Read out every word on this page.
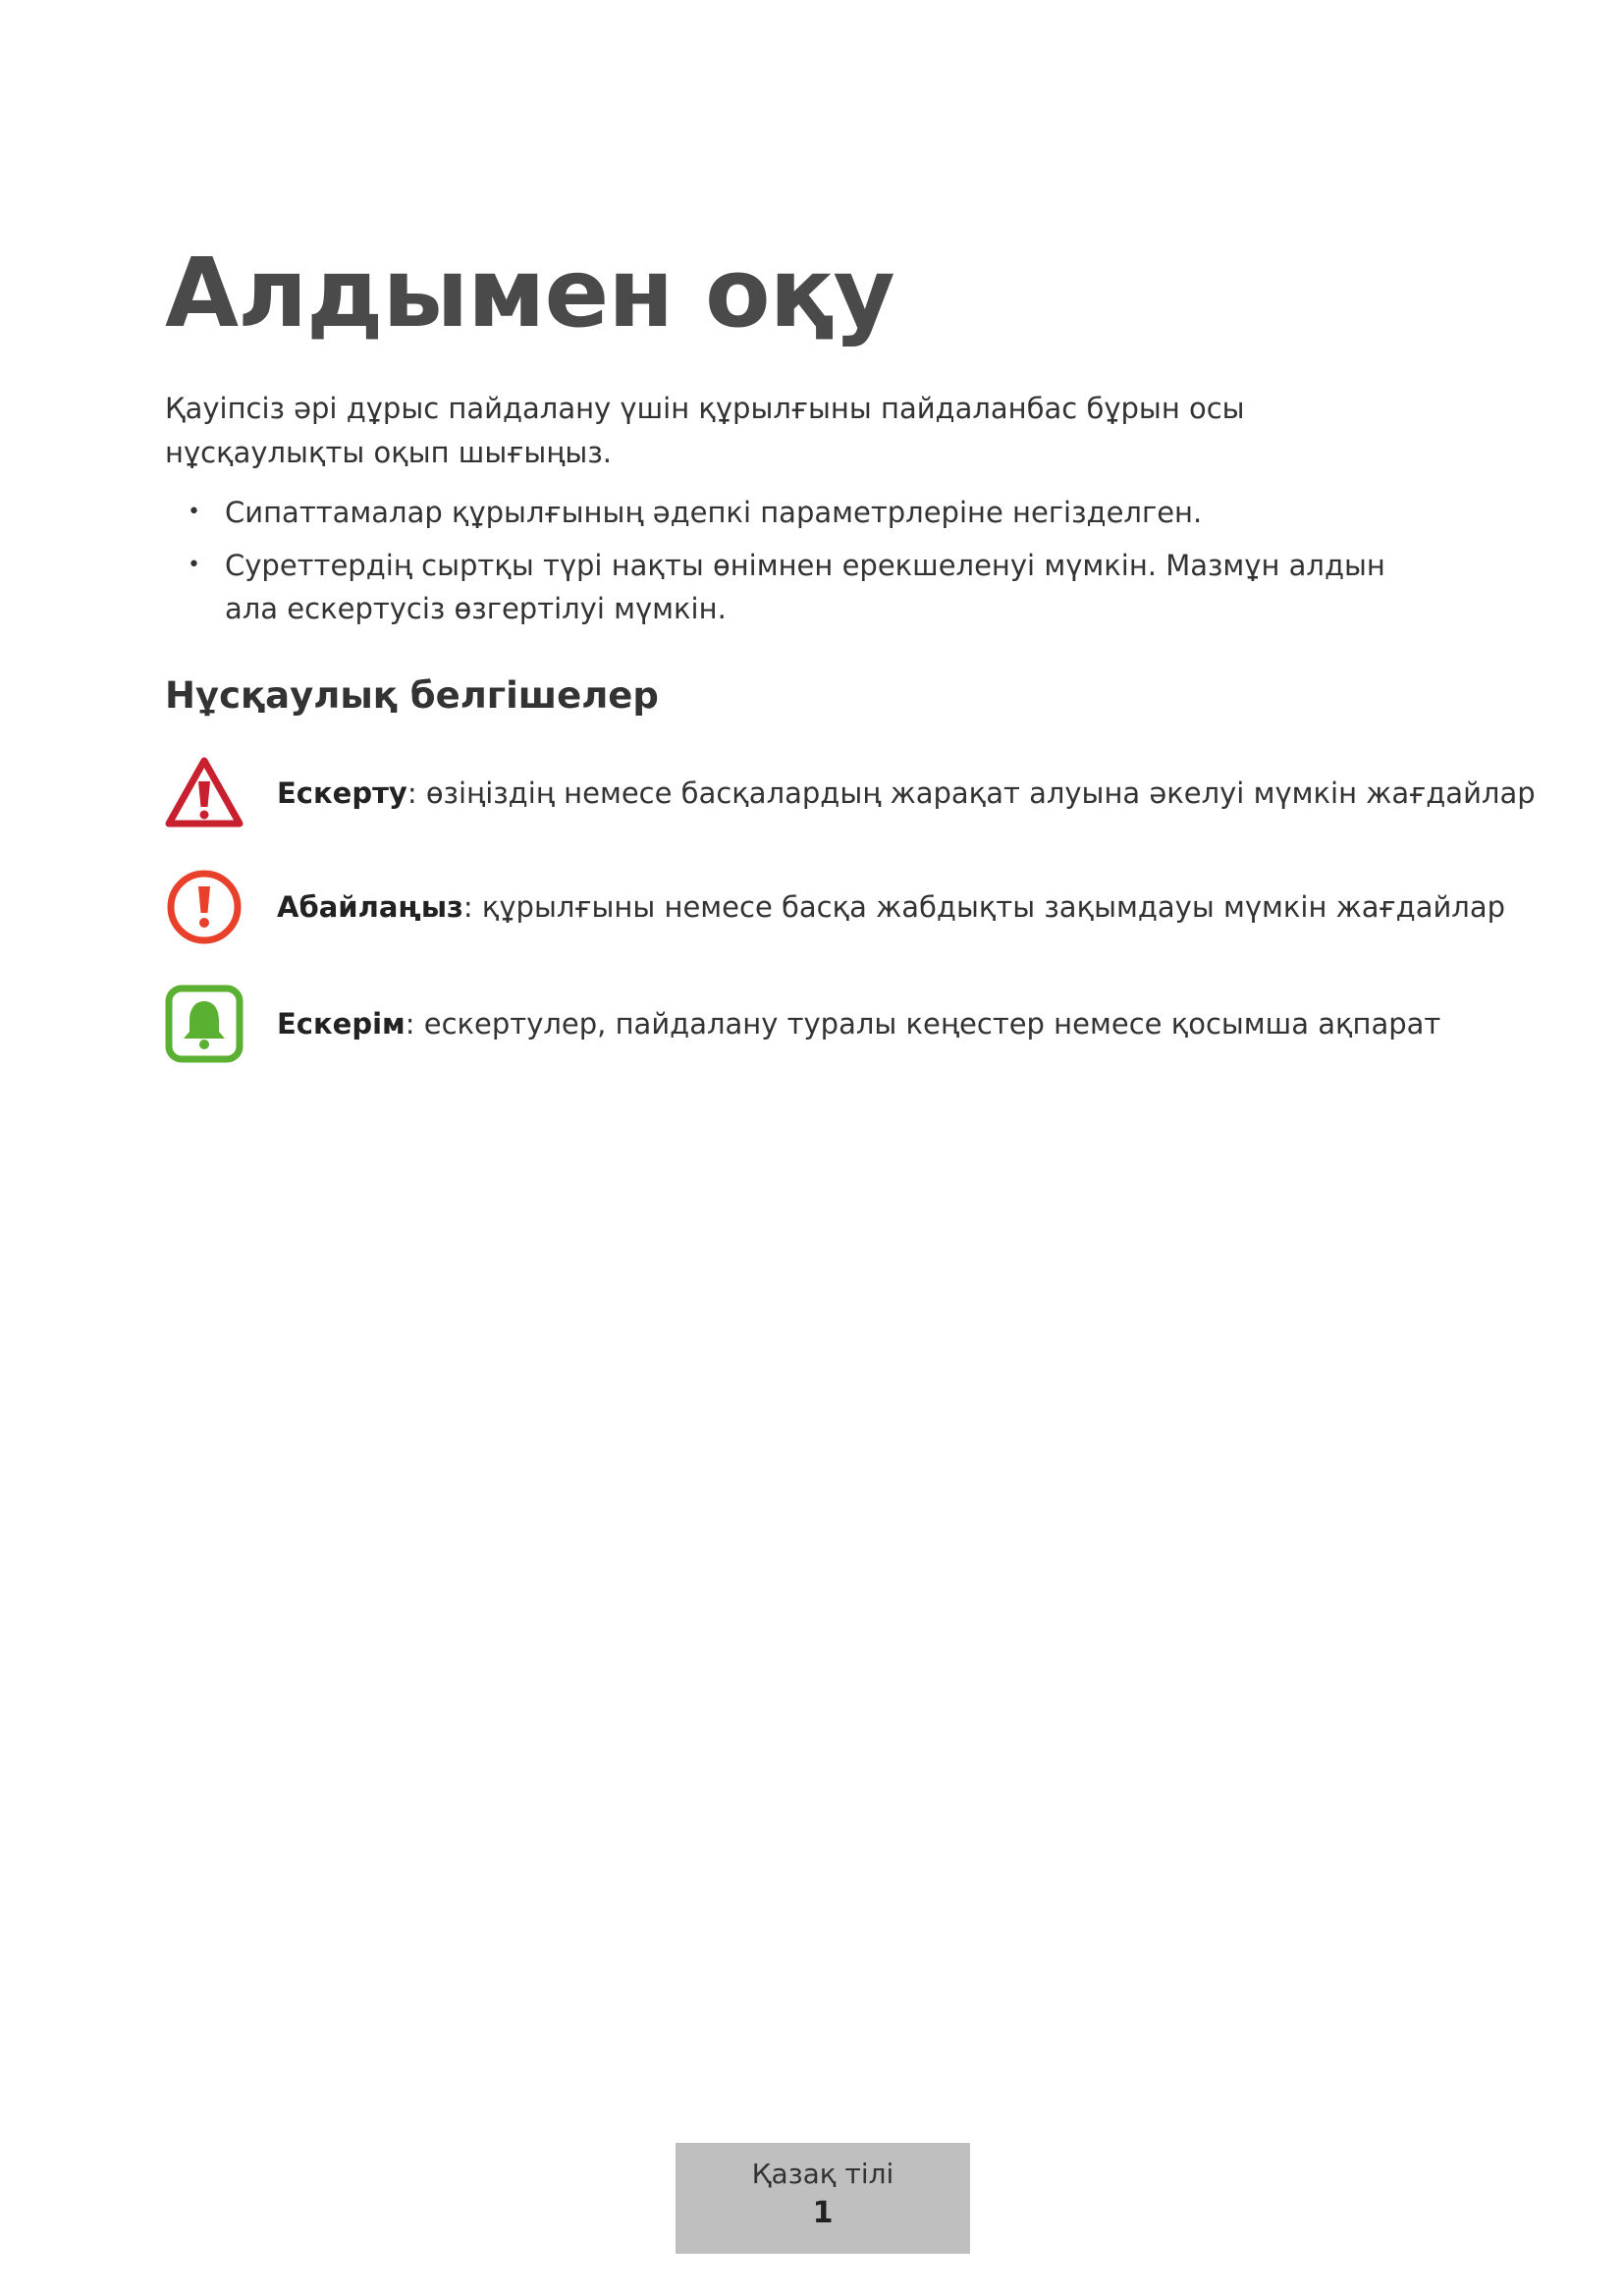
Алдымен оқу

Қауіпсіз әрі дұрыс пайдалану үшін құрылғыны пайдаланбас бұрын осы нұсқаулықты оқып шығыңыз.

• Сипаттамалар құрылғының әдепкі параметрлеріне негізделген.
• Суреттердің сыртқы түрі нақты өнімнен ерекшеленуі мүмкін. Мазмұн алдын ала ескертусіз өзгертілуі мүмкін.
Нұсқаулық белгішелер
Ескерту: өзіңіздің немесе басқалардың жарақат алуына әкелуі мүмкін жағдайлар
Абайлаңыз: құрылғыны немесе басқа жабдықты зақымдауы мүмкін жағдайлар
Ескерім: ескертулер, пайдалану туралы кеңестер немесе қосымша ақпарат
Қазақ тілі
1
